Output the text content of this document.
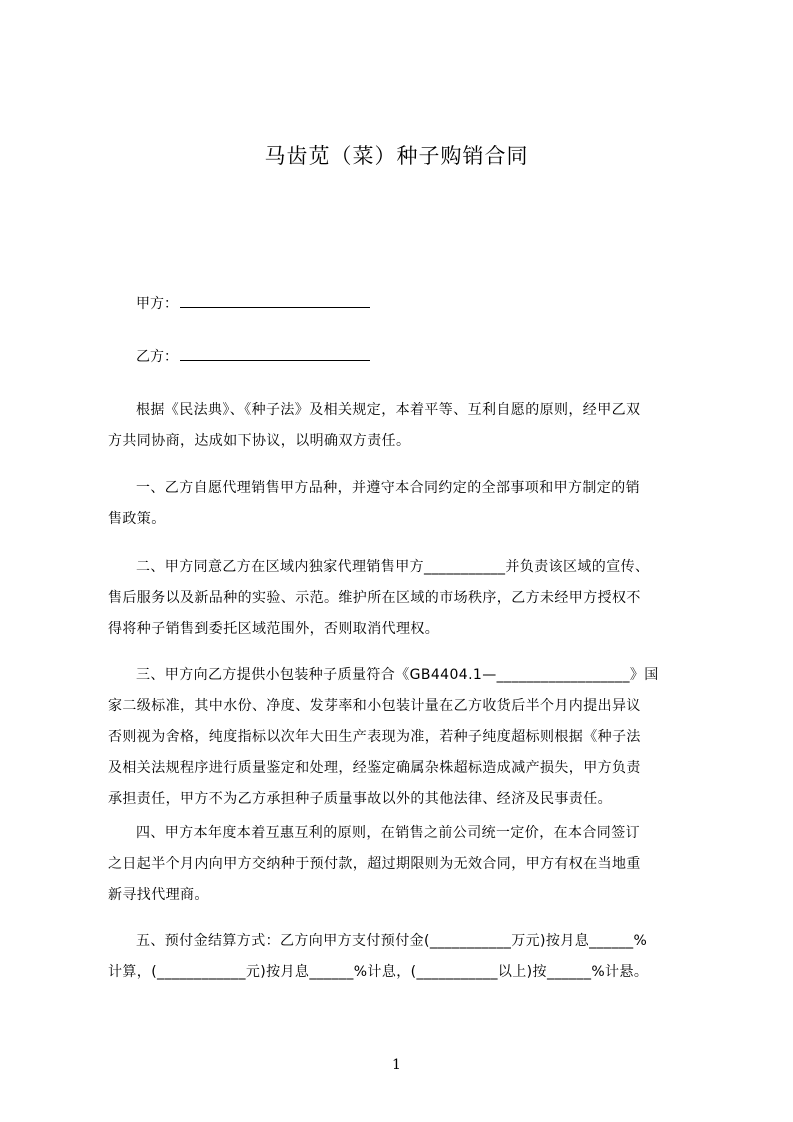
马齿苋（菜）种子购销合同
甲方：
乙方：
根据《民法典》、《种子法》及相关规定，本着平等、互利自愿的原则，经甲乙双
方共同协商，达成如下协议，以明确双方责任。
一、乙方自愿代理销售甲方品种，并遵守本合同约定的全部事项和甲方制定的销
售政策。
二、甲方同意乙方在区域内独家代理销售甲方___________并负责该区域的宣传、
售后服务以及新品种的实验、示范。维护所在区域的市场秩序，乙方未经甲方授权不
得将种子销售到委托区域范围外，否则取消代理权。
三、甲方向乙方提供小包装种子质量符合《GB4404.1—__________________》国
家二级标准，其中水份、净度、发芽率和小包装计量在乙方收货后半个月内提出异议
否则视为舍格，纯度指标以次年大田生产表现为准，若种子纯度超标则根据《种子法
及相关法规程序进行质量鉴定和处理，经鉴定确属杂株超标造成减产损失，甲方负责
承担责任，甲方不为乙方承担种子质量事故以外的其他法律、经济及民事责任。
四、甲方本年度本着互惠互利的原则，在销售之前公司统一定价，在本合同签订
之日起半个月内向甲方交纳种于预付款，超过期限则为无效合同，甲方有权在当地重
新寻找代理商。
五、预付金结算方式：乙方向甲方支付预付金(___________万元)按月息______%
计算，(____________元)按月息______%计息，(___________以上)按______%计悬。
1
